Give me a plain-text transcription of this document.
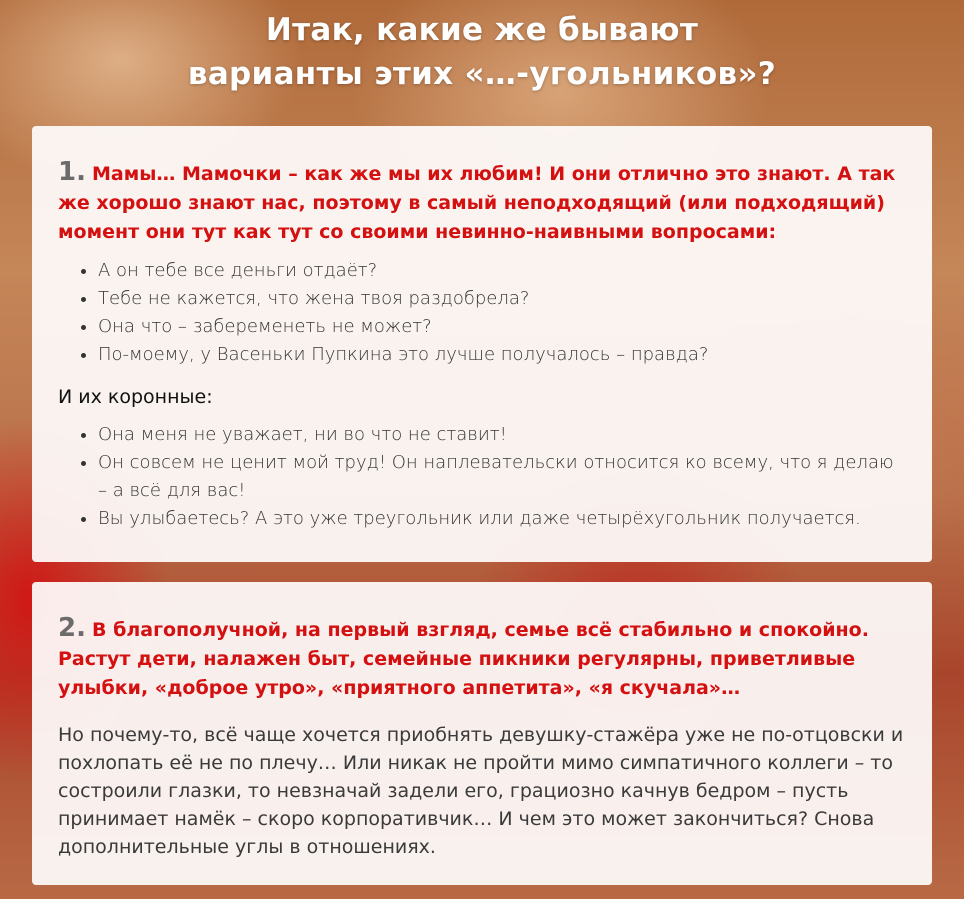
Итак, какие же бывают
варианты этих «…-угольников»?

1. Мамы… Мамочки – как же мы их любим! И они отлично это знают. А так же хорошо знают нас, поэтому в самый неподходящий (или подходящий) момент они тут как тут со своими невинно-наивными вопросами:

• А он тебе все деньги отдаёт?
• Тебе не кажется, что жена твоя раздобрела?
• Она что – забеременеть не может?
• По-моему, у Васеньки Пупкина это лучше получалось – правда?

И их коронные:

• Она меня не уважает, ни во что не ставит!
• Он совсем не ценит мой труд! Он наплевательски относится ко всему, что я делаю – а всё для вас!
• Вы улыбаетесь? А это уже треугольник или даже четырёхугольник получается.

2. В благополучной, на первый взгляд, семье всё стабильно и спокойно. Растут дети, налажен быт, семейные пикники регулярны, приветливые улыбки, «доброе утро», «приятного аппетита», «я скучала»…

Но почему-то, всё чаще хочется приобнять девушку-стажёра уже не по-отцовски и похлопать её не по плечу… Или никак не пройти мимо симпатичного коллеги – то состроили глазки, то невзначай задели его, грациозно качнув бедром – пусть принимает намёк – скоро корпоративчик… И чем это может закончиться? Снова дополнительные углы в отношениях.
